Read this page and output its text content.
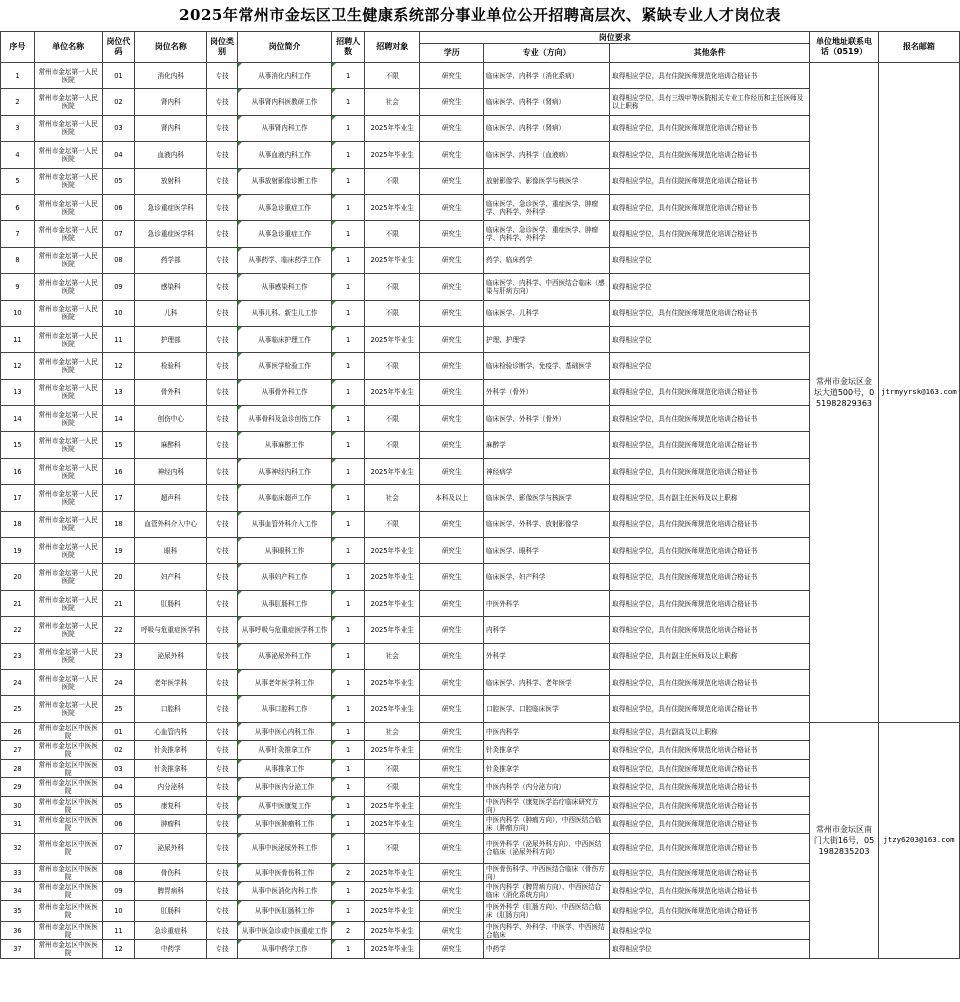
2025年常州市金坛区卫生健康系统部分事业单位公开招聘高层次、紧缺专业人才岗位表
序号	单位名称	岗位代码	岗位名称	岗位类别	岗位简介	招聘人数	招聘对象	岗位要求			单位地址联系电话（0519）	报名邮箱
								学历	专业（方向）	其他条件		
1	常州市金坛第一人民医院	01	消化内科	专技	从事消化内科工作	1	不限	研究生	临床医学、内科学（消化系病）	取得相应学位，具有住院医师规范化培训合格证书	常州市金坛区金坛大道500号，0519828293​63	jtrmyyrsk@163.com
2	常州市金坛第一人民医院	02	肾内科	专技	从事肾内科医教研工作	1	社会	研究生	临床医学、内科学（肾病）	取得相应学位，具有三级甲等医院相关专业工作经历和主任医师及以上职称		
3	常州市金坛第一人民医院	03	肾内科	专技	从事肾内科工作	1	2025年毕业生	研究生	临床医学、内科学（肾病）	取得相应学位，具有住院医师规范化培训合格证书		
4	常州市金坛第一人民医院	04	血液内科	专技	从事血液内科工作	1	2025年毕业生	研究生	临床医学、内科学（血液病）	取得相应学位，具有住院医师规范化培训合格证书		
5	常州市金坛第一人民医院	05	放射科	专技	从事放射影像诊断工作	1	不限	研究生	放射影像学、影像医学与核医学	取得相应学位，具有住院医师规范化培训合格证书		
6	常州市金坛第一人民医院	06	急诊重症医学科	专技	从事急诊重症工作	1	2025年毕业生	研究生	临床医学、急诊医学、重症医学、肿瘤学、内科学、外科学	取得相应学位，具有住院医师规范化培训合格证书		
7	常州市金坛第一人民医院	07	急诊重症医学科	专技	从事急诊重症工作	1	不限	研究生	临床医学、急诊医学、重症医学、肿瘤学、内科学、外科学	取得相应学位，具有住院医师规范化培训合格证书		
8	常州市金坛第一人民医院	08	药学部	专技	从事药学、临床药学工作	1	2025年毕业生	研究生	药学、临床药学	取得相应学位		
9	常州市金坛第一人民医院	09	感染科	专技	从事感染科工作	1	不限	研究生	临床医学、内科学、中西医结合临床（感染与肝病方向）	取得相应学位		
10	常州市金坛第一人民医院	10	儿科	专技	从事儿科、新生儿工作	1	不限	研究生	临床医学、儿科学	取得相应学位，具有住院医师规范化培训合格证书		
11	常州市金坛第一人民医院	11	护理部	专技	从事临床护理工作	1	2025年毕业生	研究生	护理、护理学	取得相应学位		
12	常州市金坛第一人民医院	12	检验科	专技	从事医学检验工作	1	不限	研究生	临床检验诊断学、免疫学、基础医学	取得相应学位		
13	常州市金坛第一人民医院	13	骨外科	专技	从事骨外科工作	1	2025年毕业生	研究生	外科学（骨外）	取得相应学位，具有住院医师规范化培训合格证书		
14	常州市金坛第一人民医院	14	创伤中心	专技	从事骨科及急诊创伤工作	1	不限	研究生	临床医学、外科学（骨外）	取得相应学位，具有住院医师规范化培训合格证书		
15	常州市金坛第一人民医院	15	麻醉科	专技	从事麻醉工作	1	不限	研究生	麻醉学	取得相应学位，具有住院医师规范化培训合格证书		
16	常州市金坛第一人民医院	16	神经内科	专技	从事神经内科工作	1	2025年毕业生	研究生	神经病学	取得相应学位，具有住院医师规范化培训合格证书		
17	常州市金坛第一人民医院	17	超声科	专技	从事临床超声工作	1	社会	本科及以上	临床医学、影像医学与核医学	取得相应学位，具有副主任医师及以上职称		
18	常州市金坛第一人民医院	18	血管外科介入中心	专技	从事血管外科介入工作	1	不限	研究生	临床医学、外科学、放射影像学	取得相应学位，具有住院医师规范化培训合格证书		
19	常州市金坛第一人民医院	19	眼科	专技	从事眼科工作	1	2025年毕业生	研究生	临床医学、眼科学	取得相应学位，具有住院医师规范化培训合格证书		
20	常州市金坛第一人民医院	20	妇产科	专技	从事妇产科工作	1	2025年毕业生	研究生	临床医学、妇产科学	取得相应学位，具有住院医师规范化培训合格证书		
21	常州市金坛第一人民医院	21	肛肠科	专技	从事肛肠科工作	1	2025年毕业生	研究生	中医外科学	取得相应学位，具有住院医师规范化培训合格证书		
22	常州市金坛第一人民医院	22	呼吸与危重症医学科	专技	从事呼吸与危重症医学科工作	1	2025年毕业生	研究生	内科学	取得相应学位，具有住院医师规范化培训合格证书		
23	常州市金坛第一人民医院	23	泌尿外科	专技	从事泌尿外科工作	1	社会	研究生	外科学	取得相应学位，具有副主任医师及以上职称		
24	常州市金坛第一人民医院	24	老年医学科	专技	从事老年医学科工作	1	2025年毕业生	研究生	临床医学、内科学、老年医学	取得相应学位，具有住院医师规范化培训合格证书		
25	常州市金坛第一人民医院	25	口腔科	专技	从事口腔科工作	1	2025年毕业生	研究生	口腔医学、口腔临床医学	取得相应学位，具有住院医师规范化培训合格证书		
26	常州市金坛区中医医院	01	心血管内科	专技	从事中医心内科工作	1	社会	研究生	中医内科学	取得相应学位，具有副高及以上职称	常州市金坛区南门大街16号，051982835203	jtzy6203@163.com
27	常州市金坛区中医医院	02	针灸推拿科	专技	从事针灸推拿工作	1	2025年毕业生	研究生	针灸推拿学	取得相应学位，具有住院医师规范化培训合格证书		
28	常州市金坛区中医医院	03	针灸推拿科	专技	从事推拿工作	1	不限	研究生	针灸推拿学	取得相应学位，具有住院医师规范化培训合格证书		
29	常州市金坛区中医医院	04	内分泌科	专技	从事中医内分泌工作	1	不限	研究生	中医内科学（内分泌方向）	取得相应学位，具有住院医师规范化培训合格证书		
30	常州市金坛区中医医院	05	康复科	专技	从事中医康复工作	1	2025年毕业生	研究生	中医内科学（康复医学治疗临床研究方向）	取得相应学位，具有住院医师规范化培训合格证书		
31	常州市金坛区中医医院	06	肿瘤科	专技	从事中医肿瘤科工作	1	2025年毕业生	研究生	中医内科学（肿瘤方向）、中西医结合临床（肿瘤方向）	取得相应学位，具有住院医师规范化培训合格证书		
32	常州市金坛区中医医院	07	泌尿外科	专技	从事中医泌尿外科工作	1	不限	研究生	中医外科学（泌尿外科方向）、中西医结合临床（泌尿外科方向）	取得相应学位，具有住院医师规范化培训合格证书		
33	常州市金坛区中医医院	08	骨伤科	专技	从事中医骨伤科工作	2	2025年毕业生	研究生	中医骨伤科学、中西医结合临床（骨伤方向）	取得相应学位，具有住院医师规范化培训合格证书		
34	常州市金坛区中医医院	09	脾胃病科	专技	从事中医消化内科工作	1	2025年毕业生	研究生	中医内科学（脾胃病方向）、中西医结合临床（消化系统方向）	取得相应学位，具有住院医师规范化培训合格证书		
35	常州市金坛区中医医院	10	肛肠科	专技	从事中医肛肠科工作	1	2025年毕业生	研究生	中医外科学（肛肠方向）、中西医结合临床（肛肠方向）	取得相应学位，具有住院医师规范化培训合格证书		
36	常州市金坛区中医医院	11	急诊重症科	专技	从事中医急诊或中医重症工作	2	2025年毕业生	研究生	中医内科学、外科学、中医学、中西医结合临床	取得相应学位		
37	常州市金坛区中医医院	12	中药学	专技	从事中药学工作	1	2025年毕业生	研究生	中药学	取得相应学位		
